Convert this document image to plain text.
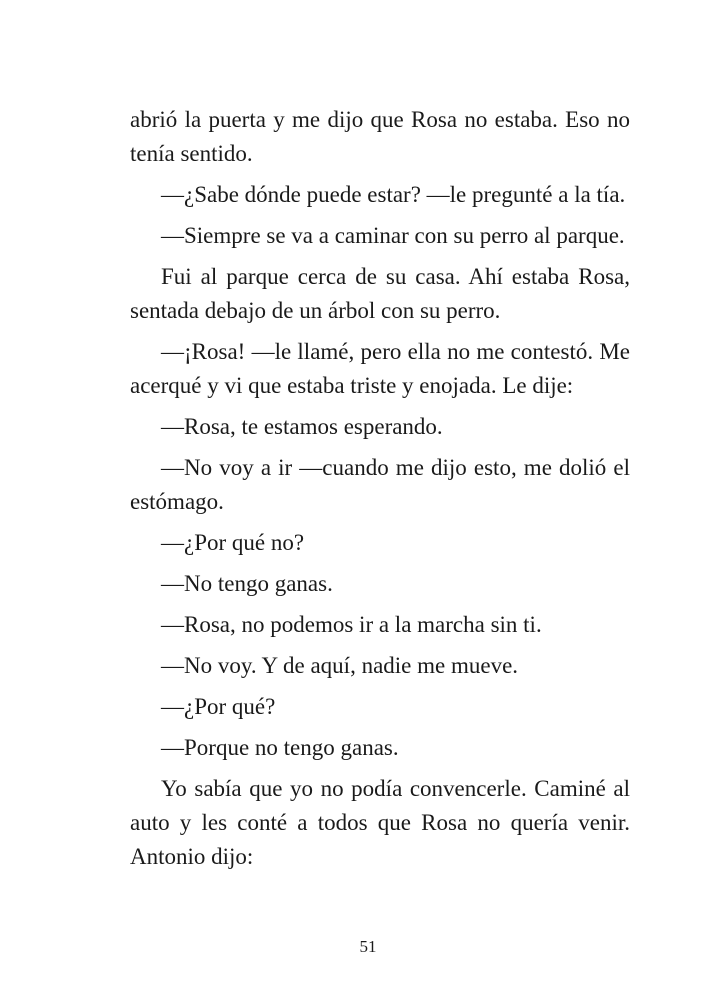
abrió la puerta y me dijo que Rosa no estaba. Eso no tenía sentido.

—¿Sabe dónde puede estar? —le pregunté a la tía.

—Siempre se va a caminar con su perro al parque.

Fui al parque cerca de su casa. Ahí estaba Rosa, sentada debajo de un árbol con su perro.

—¡Rosa! —le llamé, pero ella no me contestó. Me acerqué y vi que estaba triste y enojada. Le dije:

—Rosa, te estamos esperando.

—No voy a ir —cuando me dijo esto, me dolió el estómago.

—¿Por qué no?

—No tengo ganas.

—Rosa, no podemos ir a la marcha sin ti.

—No voy. Y de aquí, nadie me mueve.

—¿Por qué?

—Porque no tengo ganas.

Yo sabía que yo no podía convencerle. Caminé al auto y les conté a todos que Rosa no quería venir. Antonio dijo:

51
